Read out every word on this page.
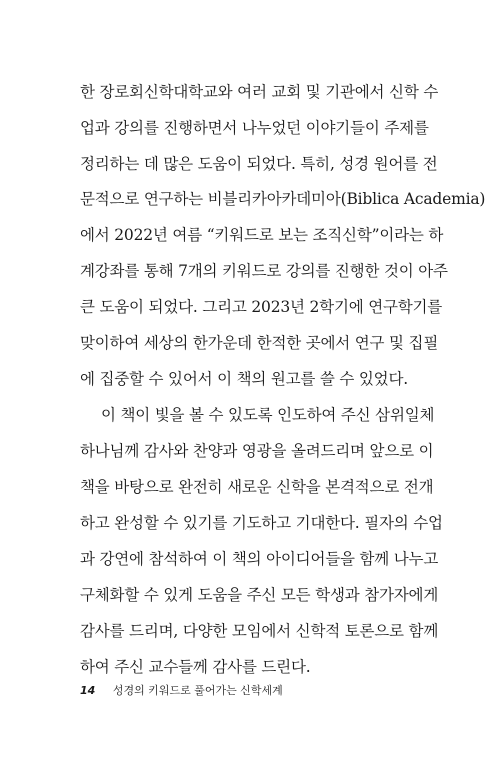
한 장로회신학대학교와 여러 교회 및 기관에서 신학 수
업과 강의를 진행하면서 나누었던 이야기들이 주제를
정리하는 데 많은 도움이 되었다. 특히, 성경 원어를 전
문적으로 연구하는 비블리카아카데미아(Biblica Academia)
에서 2022년 여름 “키워드로 보는 조직신학”이라는 하
계강좌를 통해 7개의 키워드로 강의를 진행한 것이 아주
큰 도움이 되었다. 그리고 2023년 2학기에 연구학기를
맞이하여 세상의 한가운데 한적한 곳에서 연구 및 집필
에 집중할 수 있어서 이 책의 원고를 쓸 수 있었다.
이 책이 빛을 볼 수 있도록 인도하여 주신 삼위일체
하나님께 감사와 찬양과 영광을 올려드리며 앞으로 이
책을 바탕으로 완전히 새로운 신학을 본격적으로 전개
하고 완성할 수 있기를 기도하고 기대한다. 필자의 수업
과 강연에 참석하여 이 책의 아이디어들을 함께 나누고
구체화할 수 있게 도움을 주신 모든 학생과 참가자에게
감사를 드리며, 다양한 모임에서 신학적 토론으로 함께
하여 주신 교수들께 감사를 드린다.
14 성경의 키워드로 풀어가는 신학세계
